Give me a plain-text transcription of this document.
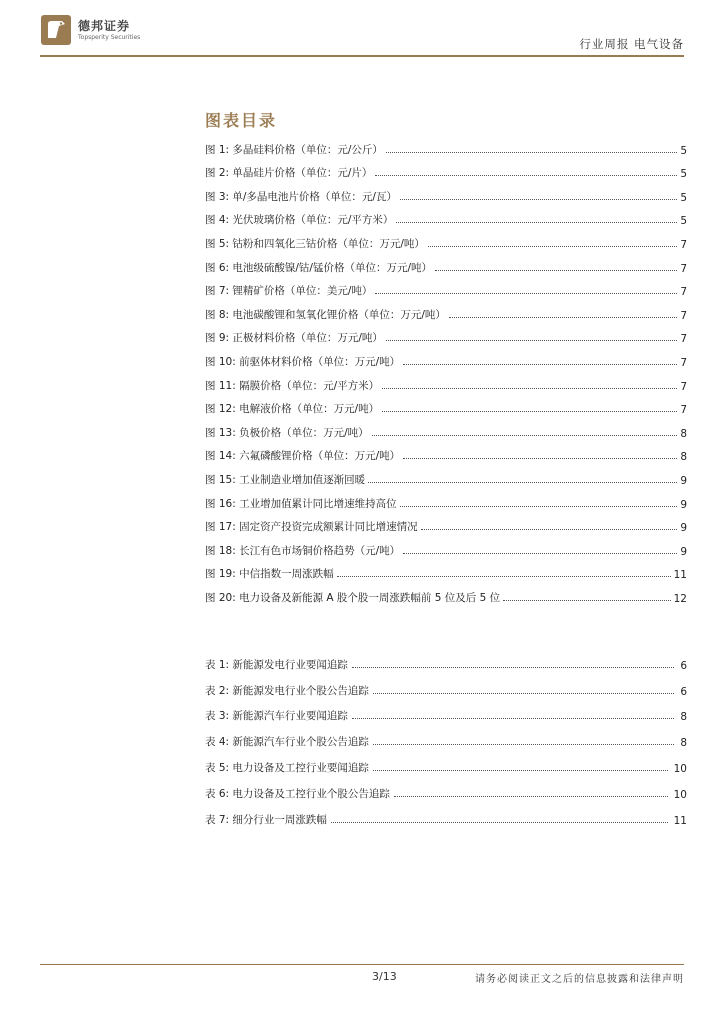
德邦证券
Topsperity Securities	行业周报 电气设备
图表目录
图 1: 多晶硅料价格（单位：元/公斤）	5
图 2: 单晶硅片价格（单位：元/片）	5
图 3: 单/多晶电池片价格（单位：元/瓦）	5
图 4: 光伏玻璃价格（单位：元/平方米）	5
图 5: 钴粉和四氧化三钴价格（单位：万元/吨）	7
图 6: 电池级硫酸镍/钴/锰价格（单位：万元/吨）	7
图 7: 锂精矿价格（单位：美元/吨）	7
图 8: 电池碳酸锂和氢氧化锂价格（单位：万元/吨）	7
图 9: 正极材料价格（单位：万元/吨）	7
图 10: 前驱体材料价格（单位：万元/吨）	7
图 11: 隔膜价格（单位：元/平方米）	7
图 12: 电解液价格（单位：万元/吨）	7
图 13: 负极价格（单位：万元/吨）	8
图 14: 六氟磷酸锂价格（单位：万元/吨）	8
图 15: 工业制造业增加值逐渐回暖	9
图 16: 工业增加值累计同比增速维持高位	9
图 17: 固定资产投资完成额累计同比增速情况	9
图 18: 长江有色市场铜价格趋势（元/吨）	9
图 19: 中信指数一周涨跌幅	11
图 20: 电力设备及新能源 A 股个股一周涨跌幅前 5 位及后 5 位	12
表 1: 新能源发电行业要闻追踪	6
表 2: 新能源发电行业个股公告追踪	6
表 3: 新能源汽车行业要闻追踪	8
表 4: 新能源汽车行业个股公告追踪	8
表 5: 电力设备及工控行业要闻追踪	10
表 6: 电力设备及工控行业个股公告追踪	10
表 7: 细分行业一周涨跌幅	11
3/13	请务必阅读正文之后的信息披露和法律声明
